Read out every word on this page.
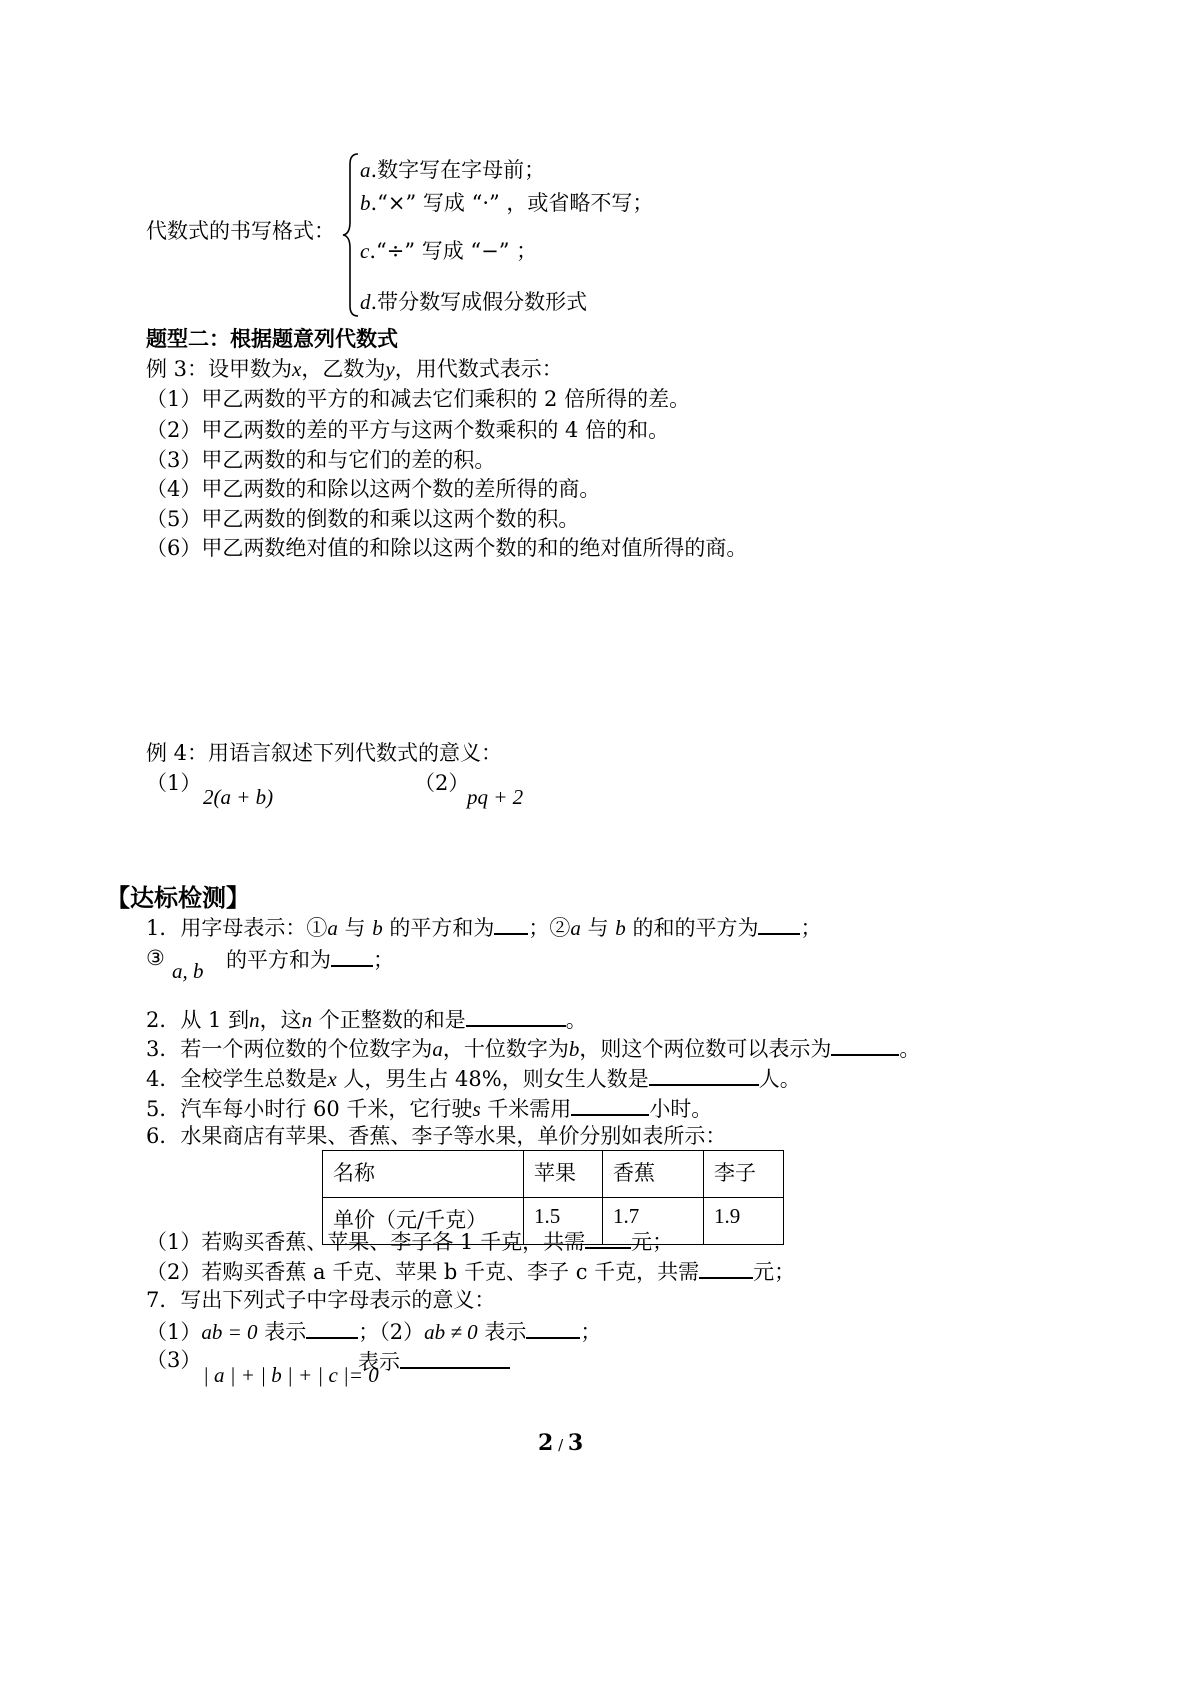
代数式的书写格式：
a.数字写在字母前；
b.“×” 写成 “·” ，或省略不写；
c.“÷” 写成 “−” ；
d.带分数写成假分数形式
题型二：根据题意列代数式
例 3：设甲数为x，乙数为y，用代数式表示：
（1）甲乙两数的平方的和减去它们乘积的 2 倍所得的差。
（2）甲乙两数的差的平方与这两个数乘积的 4 倍的和。
（3）甲乙两数的和与它们的差的积。
（4）甲乙两数的和除以这两个数的差所得的商。
（5）甲乙两数的倒数的和乘以这两个数的积。
（6）甲乙两数绝对值的和除以这两个数的和的绝对值所得的商。
例 4：用语言叙述下列代数式的意义：
（1）
2(a + b)
（2）
pq + 2
【达标检测】
1．用字母表示：①a 与 b 的平方和为 ；②a 与 b 的和的平方为 ；
③
a, b 的平方和为 ；
2．从 1 到n，这n 个正整数的和是	。
3．若一个两位数的个位数字为a，十位数字为b，则这个两位数可以表示为	。
4．全校学生总数是x 人，男生占 48%，则女生人数是	人。
5．汽车每小时行 60 千米，它行驶s 千米需用	小时。
6．水果商店有苹果、香蕉、李子等水果，单价分别如表所示：
名称	苹果	香蕉	李子
单价（元/千克）	1.5	1.7	1.9
（1）若购买香蕉、苹果、李子各 1 千克，共需 元；
（2）若购买香蕉 a 千克、苹果 b 千克、李子 c 千克，共需	元；
7．写出下列式子中字母表示的意义：
（1）ab = 0 表示 ；（2）ab ≠ 0 表示	；
（3）
| a | + | b | + | c |= 0
表示
2 / 3
